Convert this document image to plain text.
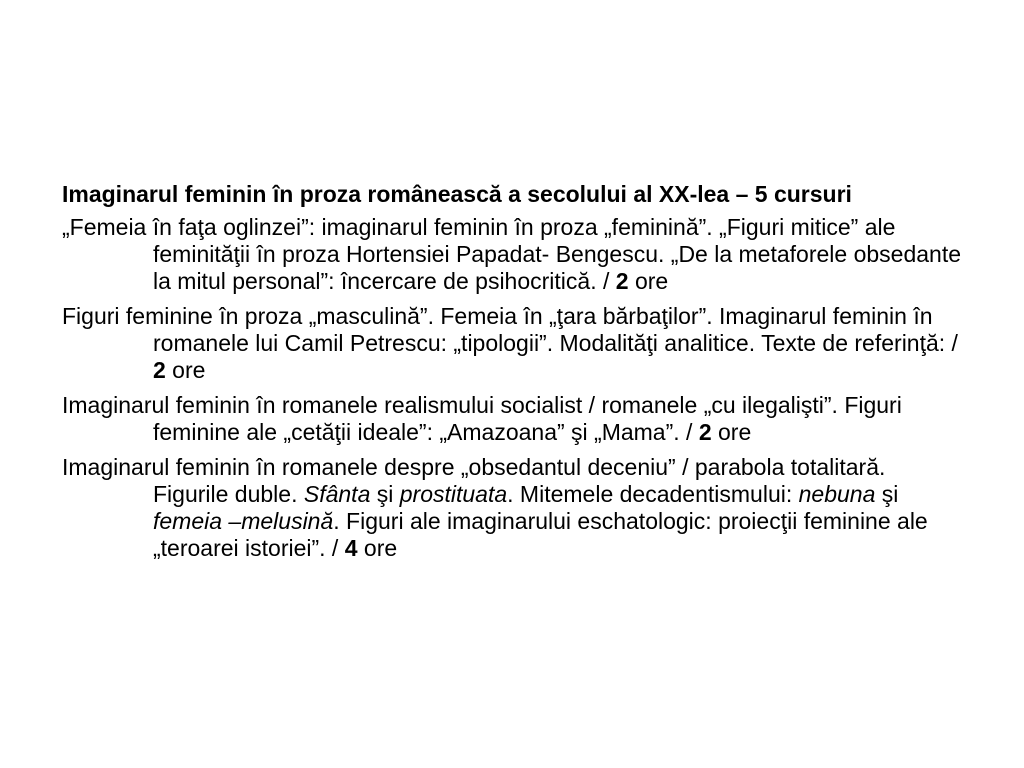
Imaginarul feminin în proza românească a secolului al XX-lea – 5 cursuri

„Femeia în faţa oglinzei”: imaginarul feminin în proza „feminină”. „Figuri mitice” ale feminităţii în proza Hortensiei Papadat- Bengescu. „De la metaforele obsedante la mitul personal”: încercare de psihocritică. / 2 ore

Figuri feminine în proza „masculină”. Femeia în „ţara bărbaţilor”. Imaginarul feminin în romanele lui Camil Petrescu: „tipologii”. Modalităţi analitice. Texte de referinţă: / 2 ore

Imaginarul feminin în romanele realismului socialist / romanele „cu ilegalişti”. Figuri feminine ale „cetăţii ideale”: „Amazoana” şi „Mama”. / 2 ore

Imaginarul feminin în romanele despre „obsedantul deceniu” / parabola totalitară. Figurile duble. Sfânta şi prostituata. Mitemele decadentismului: nebuna şi femeia –melusină. Figuri ale imaginarului eschatologic: proiecţii feminine ale „teroarei istoriei”. / 4 ore
